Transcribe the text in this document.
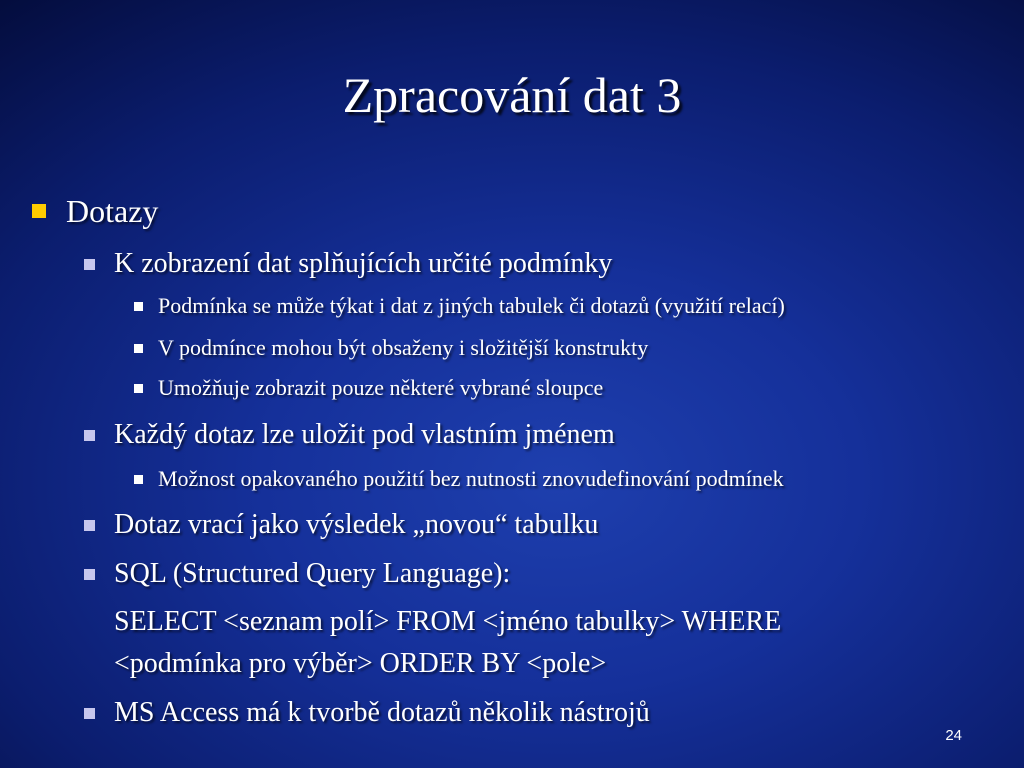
Zpracování dat 3
Dotazy
K zobrazení dat splňujících určité podmínky
Podmínka se může týkat i dat z jiných tabulek či dotazů (využití relací)
V podmínce mohou být obsaženy i složitější konstrukty
Umožňuje zobrazit pouze některé vybrané sloupce
Každý dotaz lze uložit pod vlastním jménem
Možnost opakovaného použití bez nutnosti znovudefinování podmínek
Dotaz vrací jako výsledek „novou“ tabulku
SQL (Structured Query Language):
SELECT <seznam polí> FROM <jméno tabulky> WHERE
<podmínka pro výběr> ORDER BY <pole>
MS Access má k tvorbě dotazů několik nástrojů
24
